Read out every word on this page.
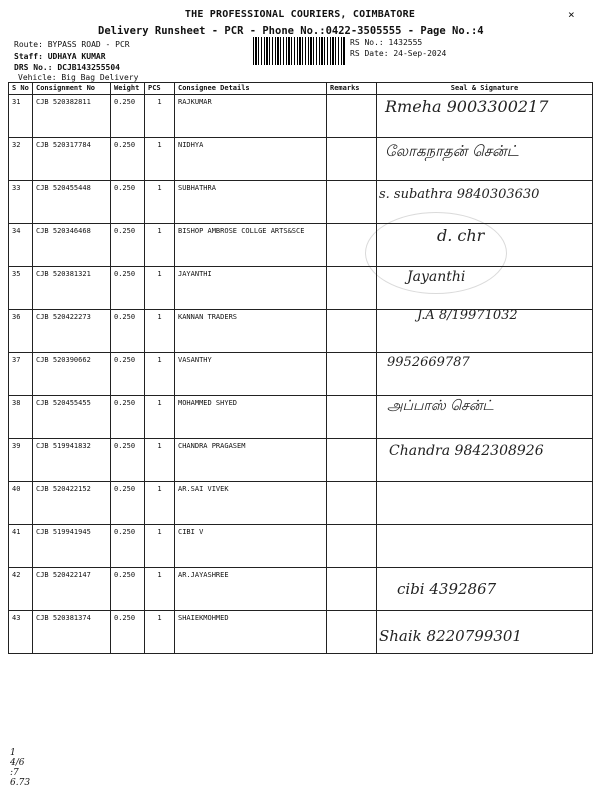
×
THE PROFESSIONAL COURIERS, COIMBATORE
Delivery Runsheet - PCR - Phone No.:0422-3505555 - Page No.:4
Route: BYPASS ROAD - PCR
Staff: UDHAYA KUMAR
DRS No.: DCJB143255504
Vehicle: Big Bag Delivery
RS No.: 1432555
RS Date: 24-Sep-2024
S No	Consignment No	Weight	PCS	Consignee Details	Remarks	Seal & Signature
31	CJB 520382811	0.250	1	RAJKUMAR		Rmeha 9003300217

32	CJB 520317784	0.250	1	NIDHYA		லோகநாதன் சென்ட்

33	CJB 520455448	0.250	1	SUBHATHRA		s. subathra 9840303630

34	CJB 520346468	0.250	1	BISHOP AMBROSE COLLGE ARTS&SCE		d. chr

35	CJB 520381321	0.250	1	JAYANTHI		Jayanthi

36	CJB 520422273	0.250	1	KANNAN TRADERS		J.A 8/19971032

37	CJB 520390662	0.250	1	VASANTHY		9952669787

38	CJB 520455455	0.250	1	MOHAMMED SHYED		அப்பாஸ் சென்ட்

39	CJB 519941832	0.250	1	CHANDRA PRAGASEM		Chandra 9842308926

40	CJB 520422152	0.250	1	AR.SAI VIVEK		

41	CJB 519941945	0.250	1	CIBI V		

42	CJB 520422147	0.250	1	AR.JAYASHREE		cibi 4392867

43	CJB 520381374	0.250	1	SHAIEKMOHMED		Shaik 8220799301
1
4/6
:7
6.73
